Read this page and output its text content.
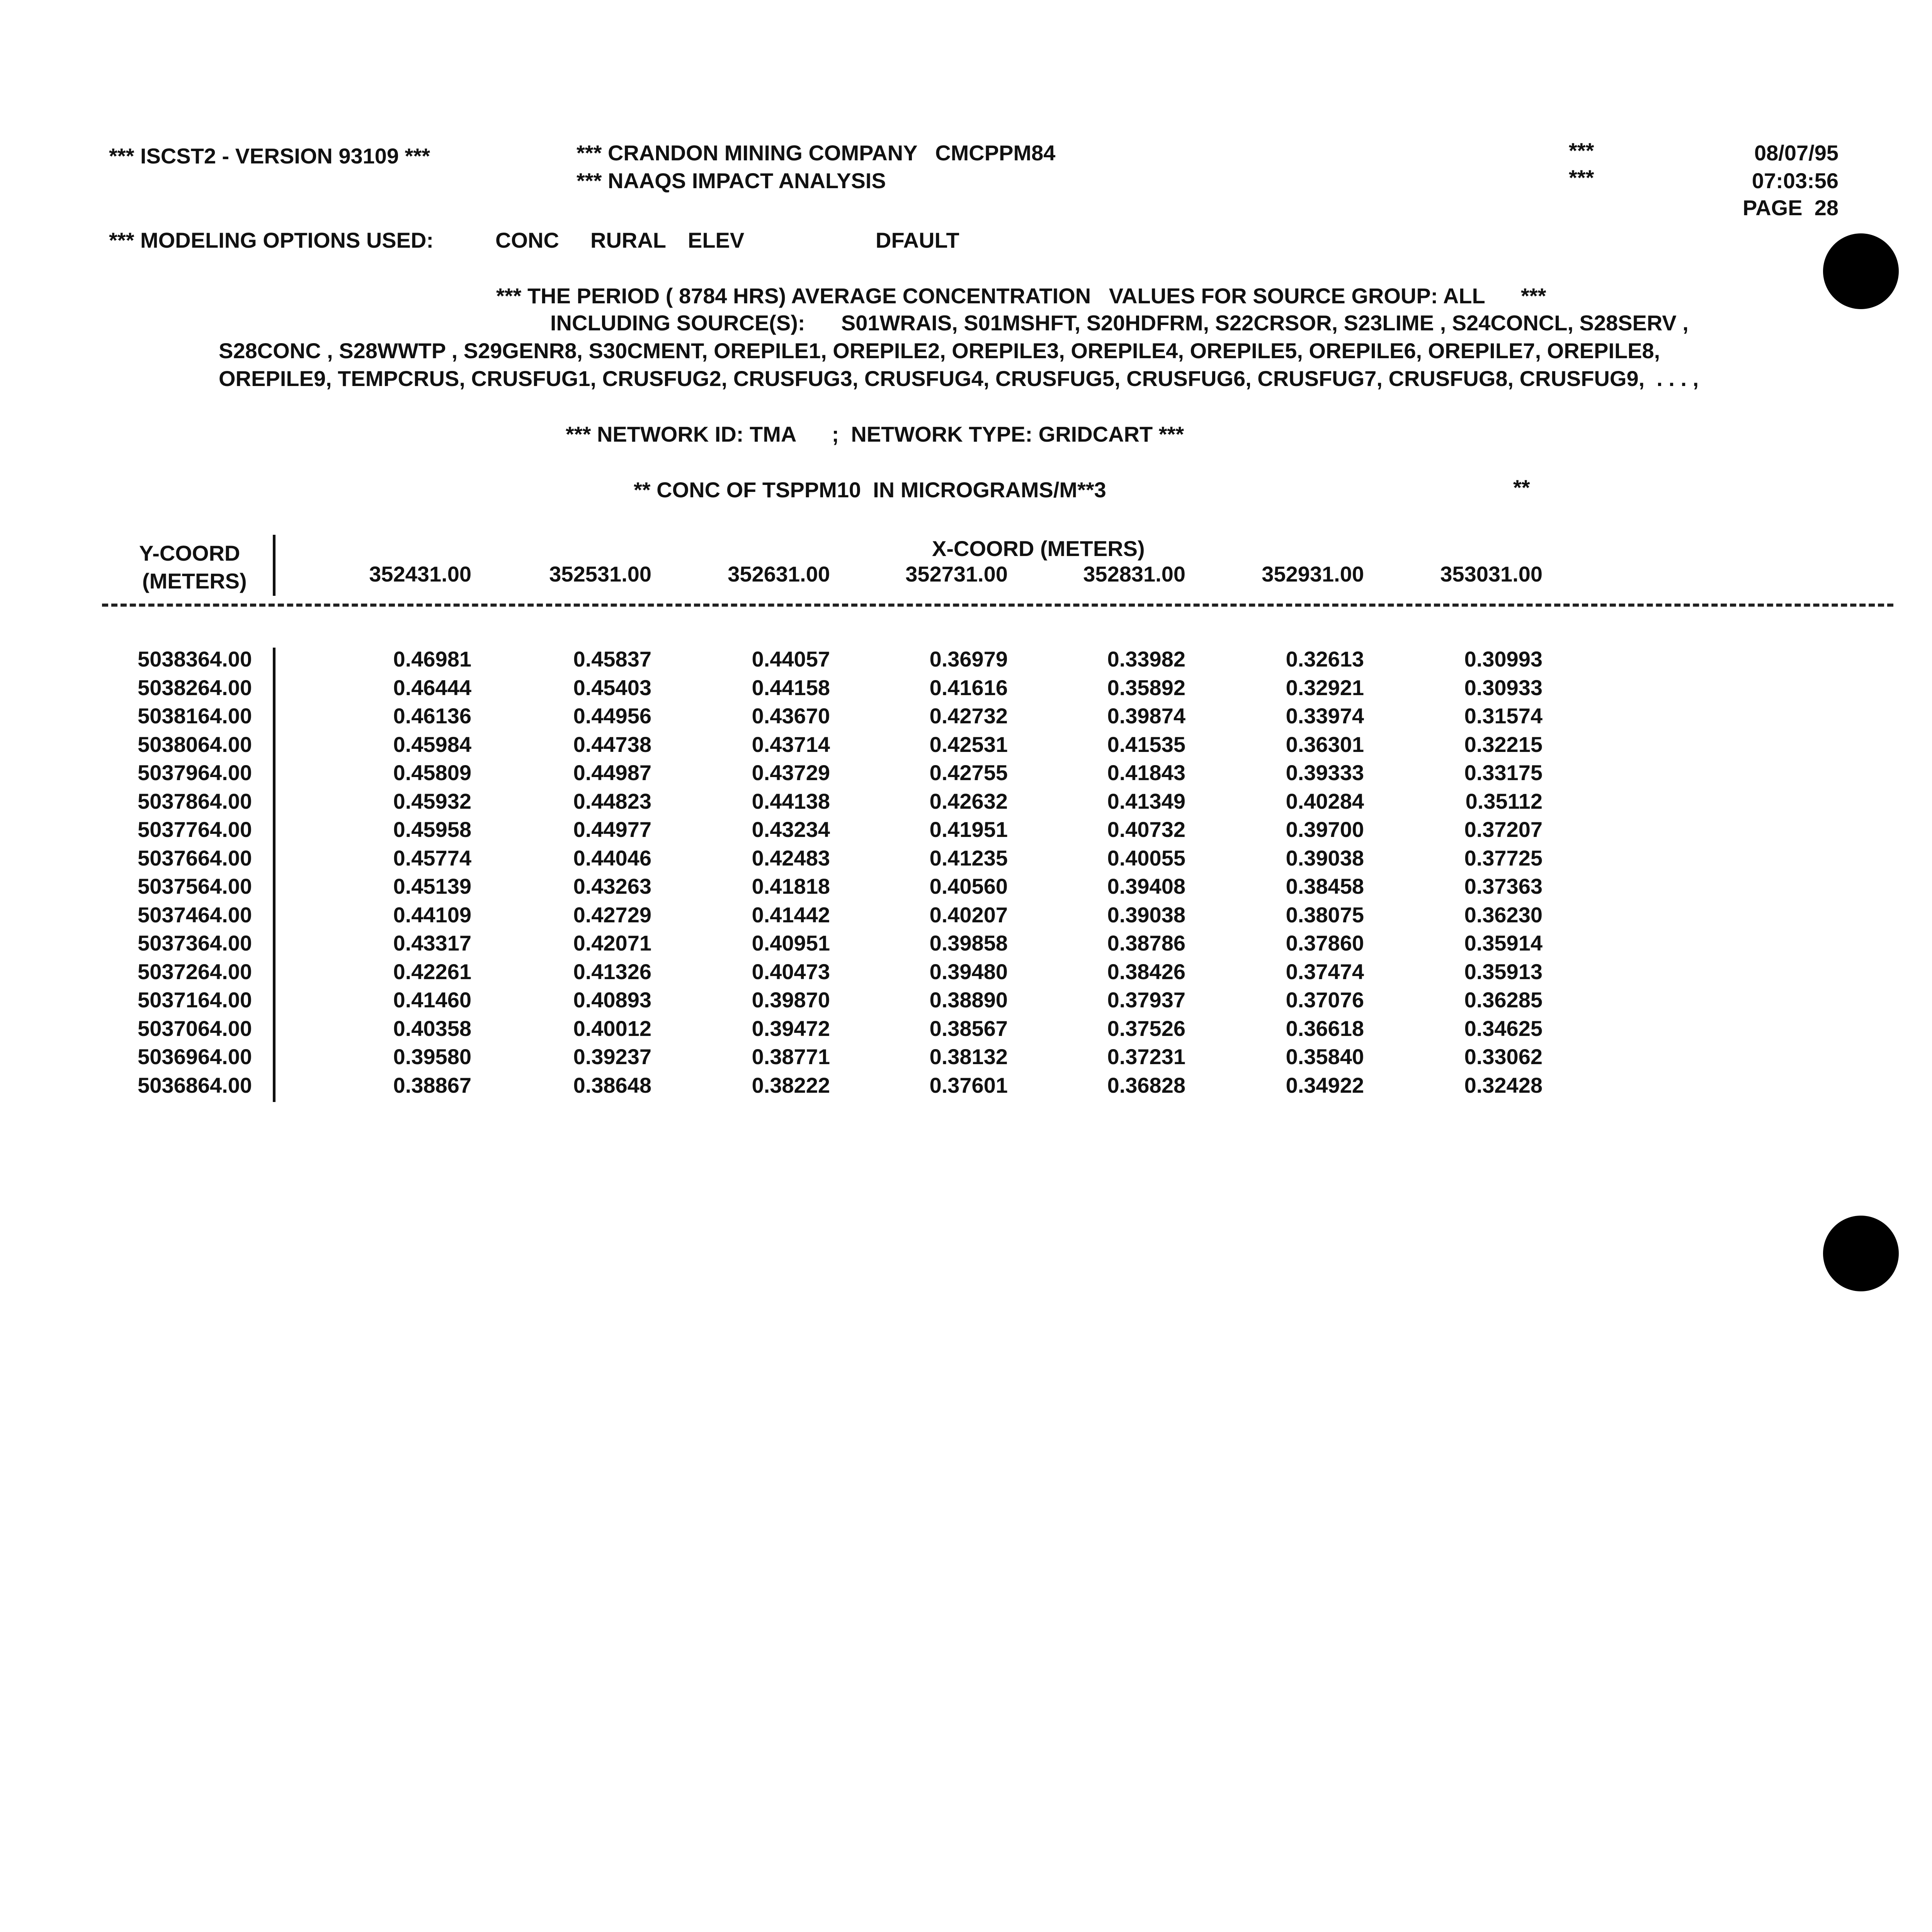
*** ISCST2 - VERSION 93109 ***	*** CRANDON MINING COMPANY   CMCPPM84
*** NAAQS IMPACT ANALYSIS
***
***
08/07/95
07:03:56
PAGE  28
*** MODELING OPTIONS USED:	CONC RURAL ELEV	DFAULT
*** THE PERIOD ( 8784 HRS) AVERAGE CONCENTRATION   VALUES FOR SOURCE GROUP: ALL      ***
INCLUDING SOURCE(S):      S01WRAIS, S01MSHFT, S20HDFRM, S22CRSOR, S23LIME , S24CONCL, S28SERV ,
S28CONC , S28WWTP , S29GENR8, S30CMENT, OREPILE1, OREPILE2, OREPILE3, OREPILE4, OREPILE5, OREPILE6, OREPILE7, OREPILE8,
OREPILE9, TEMPCRUS, CRUSFUG1, CRUSFUG2, CRUSFUG3, CRUSFUG4, CRUSFUG5, CRUSFUG6, CRUSFUG7, CRUSFUG8, CRUSFUG9,  . . . ,
*** NETWORK ID: TMA      ;  NETWORK TYPE: GRIDCART ***
** CONC OF TSPPM10  IN MICROGRAMS/M**3	**
Y-COORD
(METERS)
X-COORD (METERS)
352431.00	352531.00	352631.00	352731.00	352831.00	352931.00	353031.00
5038364.00	0.46981	0.45837	0.44057	0.36979	0.33982	0.32613	0.30993
5038264.00	0.46444	0.45403	0.44158	0.41616	0.35892	0.32921	0.30933
5038164.00	0.46136	0.44956	0.43670	0.42732	0.39874	0.33974	0.31574
5038064.00	0.45984	0.44738	0.43714	0.42531	0.41535	0.36301	0.32215
5037964.00	0.45809	0.44987	0.43729	0.42755	0.41843	0.39333	0.33175
5037864.00	0.45932	0.44823	0.44138	0.42632	0.41349	0.40284	0.35112
5037764.00	0.45958	0.44977	0.43234	0.41951	0.40732	0.39700	0.37207
5037664.00	0.45774	0.44046	0.42483	0.41235	0.40055	0.39038	0.37725
5037564.00	0.45139	0.43263	0.41818	0.40560	0.39408	0.38458	0.37363
5037464.00	0.44109	0.42729	0.41442	0.40207	0.39038	0.38075	0.36230
5037364.00	0.43317	0.42071	0.40951	0.39858	0.38786	0.37860	0.35914
5037264.00	0.42261	0.41326	0.40473	0.39480	0.38426	0.37474	0.35913
5037164.00	0.41460	0.40893	0.39870	0.38890	0.37937	0.37076	0.36285
5037064.00	0.40358	0.40012	0.39472	0.38567	0.37526	0.36618	0.34625
5036964.00	0.39580	0.39237	0.38771	0.38132	0.37231	0.35840	0.33062
5036864.00	0.38867	0.38648	0.38222	0.37601	0.36828	0.34922	0.32428
